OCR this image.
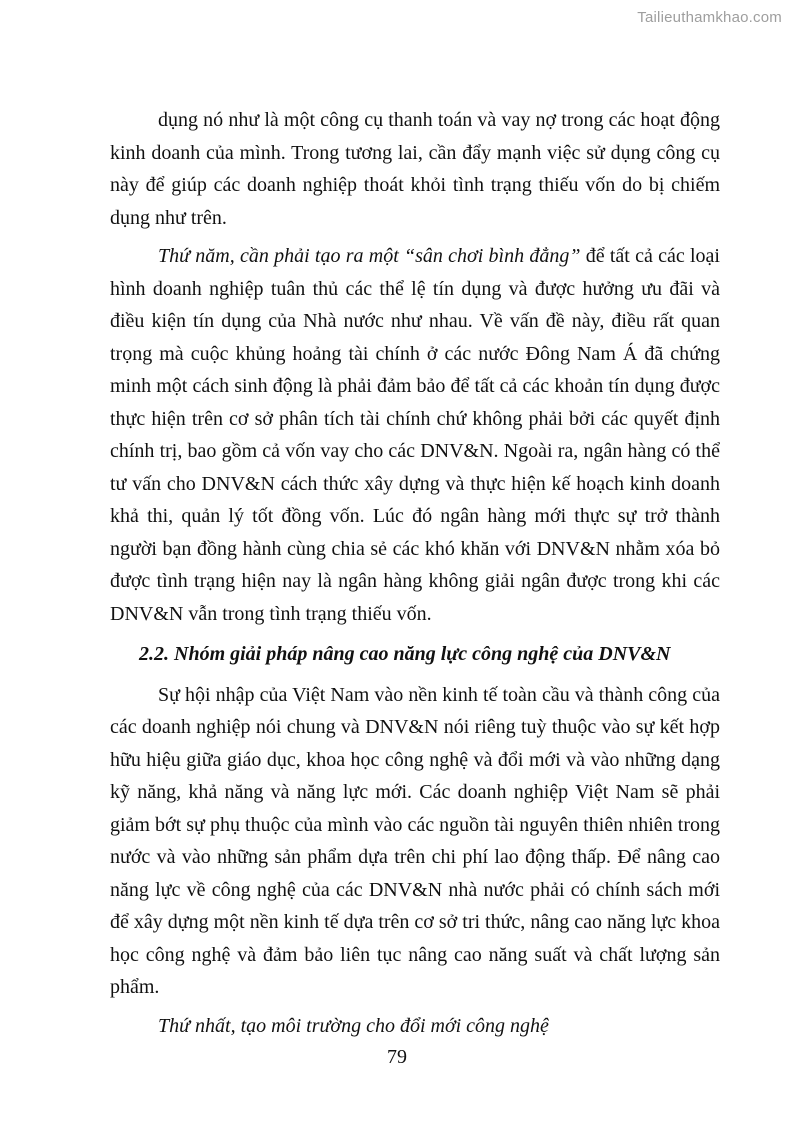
Tailieuthamkhao.com

dụng nó như là một công cụ thanh toán và vay nợ trong các hoạt động kinh doanh của mình. Trong tương lai, cần đẩy mạnh việc sử dụng công cụ này để giúp các doanh nghiệp thoát khỏi tình trạng thiếu vốn do bị chiếm dụng như trên.

Thứ năm, cần phải tạo ra một “sân chơi bình đẳng” để tất cả các loại hình doanh nghiệp tuân thủ các thể lệ tín dụng và được hưởng ưu đãi và điều kiện tín dụng của Nhà nước như nhau. Về vấn đề này, điều rất quan trọng mà cuộc khủng hoảng tài chính ở các nước Đông Nam Á đã chứng minh một cách sinh động là phải đảm bảo để tất cả các khoản tín dụng được thực hiện trên cơ sở phân tích tài chính chứ không phải bởi các quyết định chính trị, bao gồm cả vốn vay cho các DNV&N. Ngoài ra, ngân hàng có thể tư vấn cho DNV&N cách thức xây dựng và thực hiện kế hoạch kinh doanh khả thi, quản lý tốt đồng vốn. Lúc đó ngân hàng mới thực sự trở thành người bạn đồng hành cùng chia sẻ các khó khăn với DNV&N nhằm xóa bỏ được tình trạng hiện nay là ngân hàng không giải ngân được trong khi các DNV&N vẫn trong tình trạng thiếu vốn.

2.2. Nhóm giải pháp nâng cao năng lực công nghệ của DNV&N

Sự hội nhập của Việt Nam vào nền kinh tế toàn cầu và thành công của các doanh nghiệp nói chung và DNV&N nói riêng tuỳ thuộc vào sự kết hợp hữu hiệu giữa giáo dục, khoa học công nghệ và đổi mới và vào những dạng kỹ năng, khả năng và năng lực mới. Các doanh nghiệp Việt Nam sẽ phải giảm bớt sự phụ thuộc của mình vào các nguồn tài nguyên thiên nhiên trong nước và vào những sản phẩm dựa trên chi phí lao động thấp. Để nâng cao năng lực về công nghệ của các DNV&N nhà nước phải có chính sách mới để xây dựng một nền kinh tế dựa trên cơ sở tri thức, nâng cao năng lực khoa học công nghệ và đảm bảo liên tục nâng cao năng suất và chất lượng sản phẩm.

Thứ nhất, tạo môi trường cho đổi mới công nghệ

79
